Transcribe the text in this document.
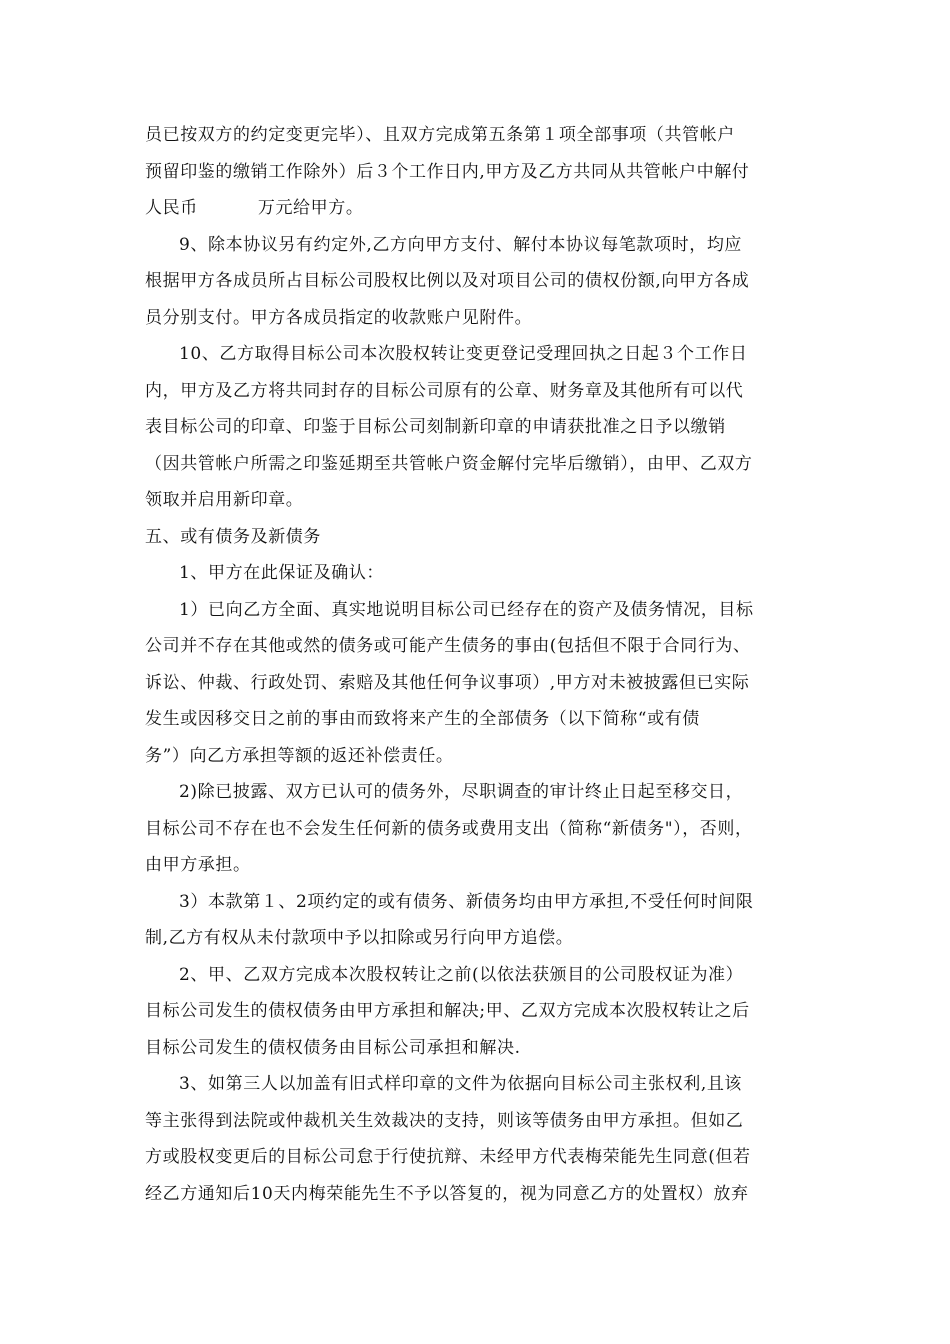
员已按双方的约定变更完毕）、且双方完成第五条第１项全部事项（共管帐户
预留印鉴的缴销工作除外）后３个工作日内,甲方及乙方共同从共管帐户中解付
人民币          万元给甲方。
9、除本协议另有约定外,乙方向甲方支付、解付本协议每笔款项时，均应
根据甲方各成员所占目标公司股权比例以及对项目公司的债权份额,向甲方各成
员分别支付。甲方各成员指定的收款账户见附件。
10、乙方取得目标公司本次股权转让变更登记受理回执之日起３个工作日
内，甲方及乙方将共同封存的目标公司原有的公章、财务章及其他所有可以代
表目标公司的印章、印鉴于目标公司刻制新印章的申请获批准之日予以缴销
（因共管帐户所需之印鉴延期至共管帐户资金解付完毕后缴销），由甲、乙双方
领取并启用新印章。
五、或有债务及新债务
1、甲方在此保证及确认：
1）已向乙方全面、真实地说明目标公司已经存在的资产及债务情况，目标
公司并不存在其他或然的债务或可能产生债务的事由(包括但不限于合同行为、
诉讼、仲裁、行政处罚、索赔及其他任何争议事项）,甲方对未被披露但已实际
发生或因移交日之前的事由而致将来产生的全部债务（以下简称“或有债
务”）向乙方承担等额的返还补偿责任。
2)除已披露、双方已认可的债务外，尽职调查的审计终止日起至移交日，
目标公司不存在也不会发生任何新的债务或费用支出（简称“新债务"），否则，
由甲方承担。
3）本款第１、2项约定的或有债务、新债务均由甲方承担,不受任何时间限
制,乙方有权从未付款项中予以扣除或另行向甲方追偿。
2、甲、乙双方完成本次股权转让之前(以依法获颁目的公司股权证为准）
目标公司发生的债权债务由甲方承担和解决;甲、乙双方完成本次股权转让之后
目标公司发生的债权债务由目标公司承担和解决.
3、如第三人以加盖有旧式样印章的文件为依据向目标公司主张权利,且该
等主张得到法院或仲裁机关生效裁决的支持，则该等债务由甲方承担。但如乙
方或股权变更后的目标公司怠于行使抗辩、未经甲方代表梅荣能先生同意(但若
经乙方通知后10天内梅荣能先生不予以答复的，视为同意乙方的处置权）放弃
